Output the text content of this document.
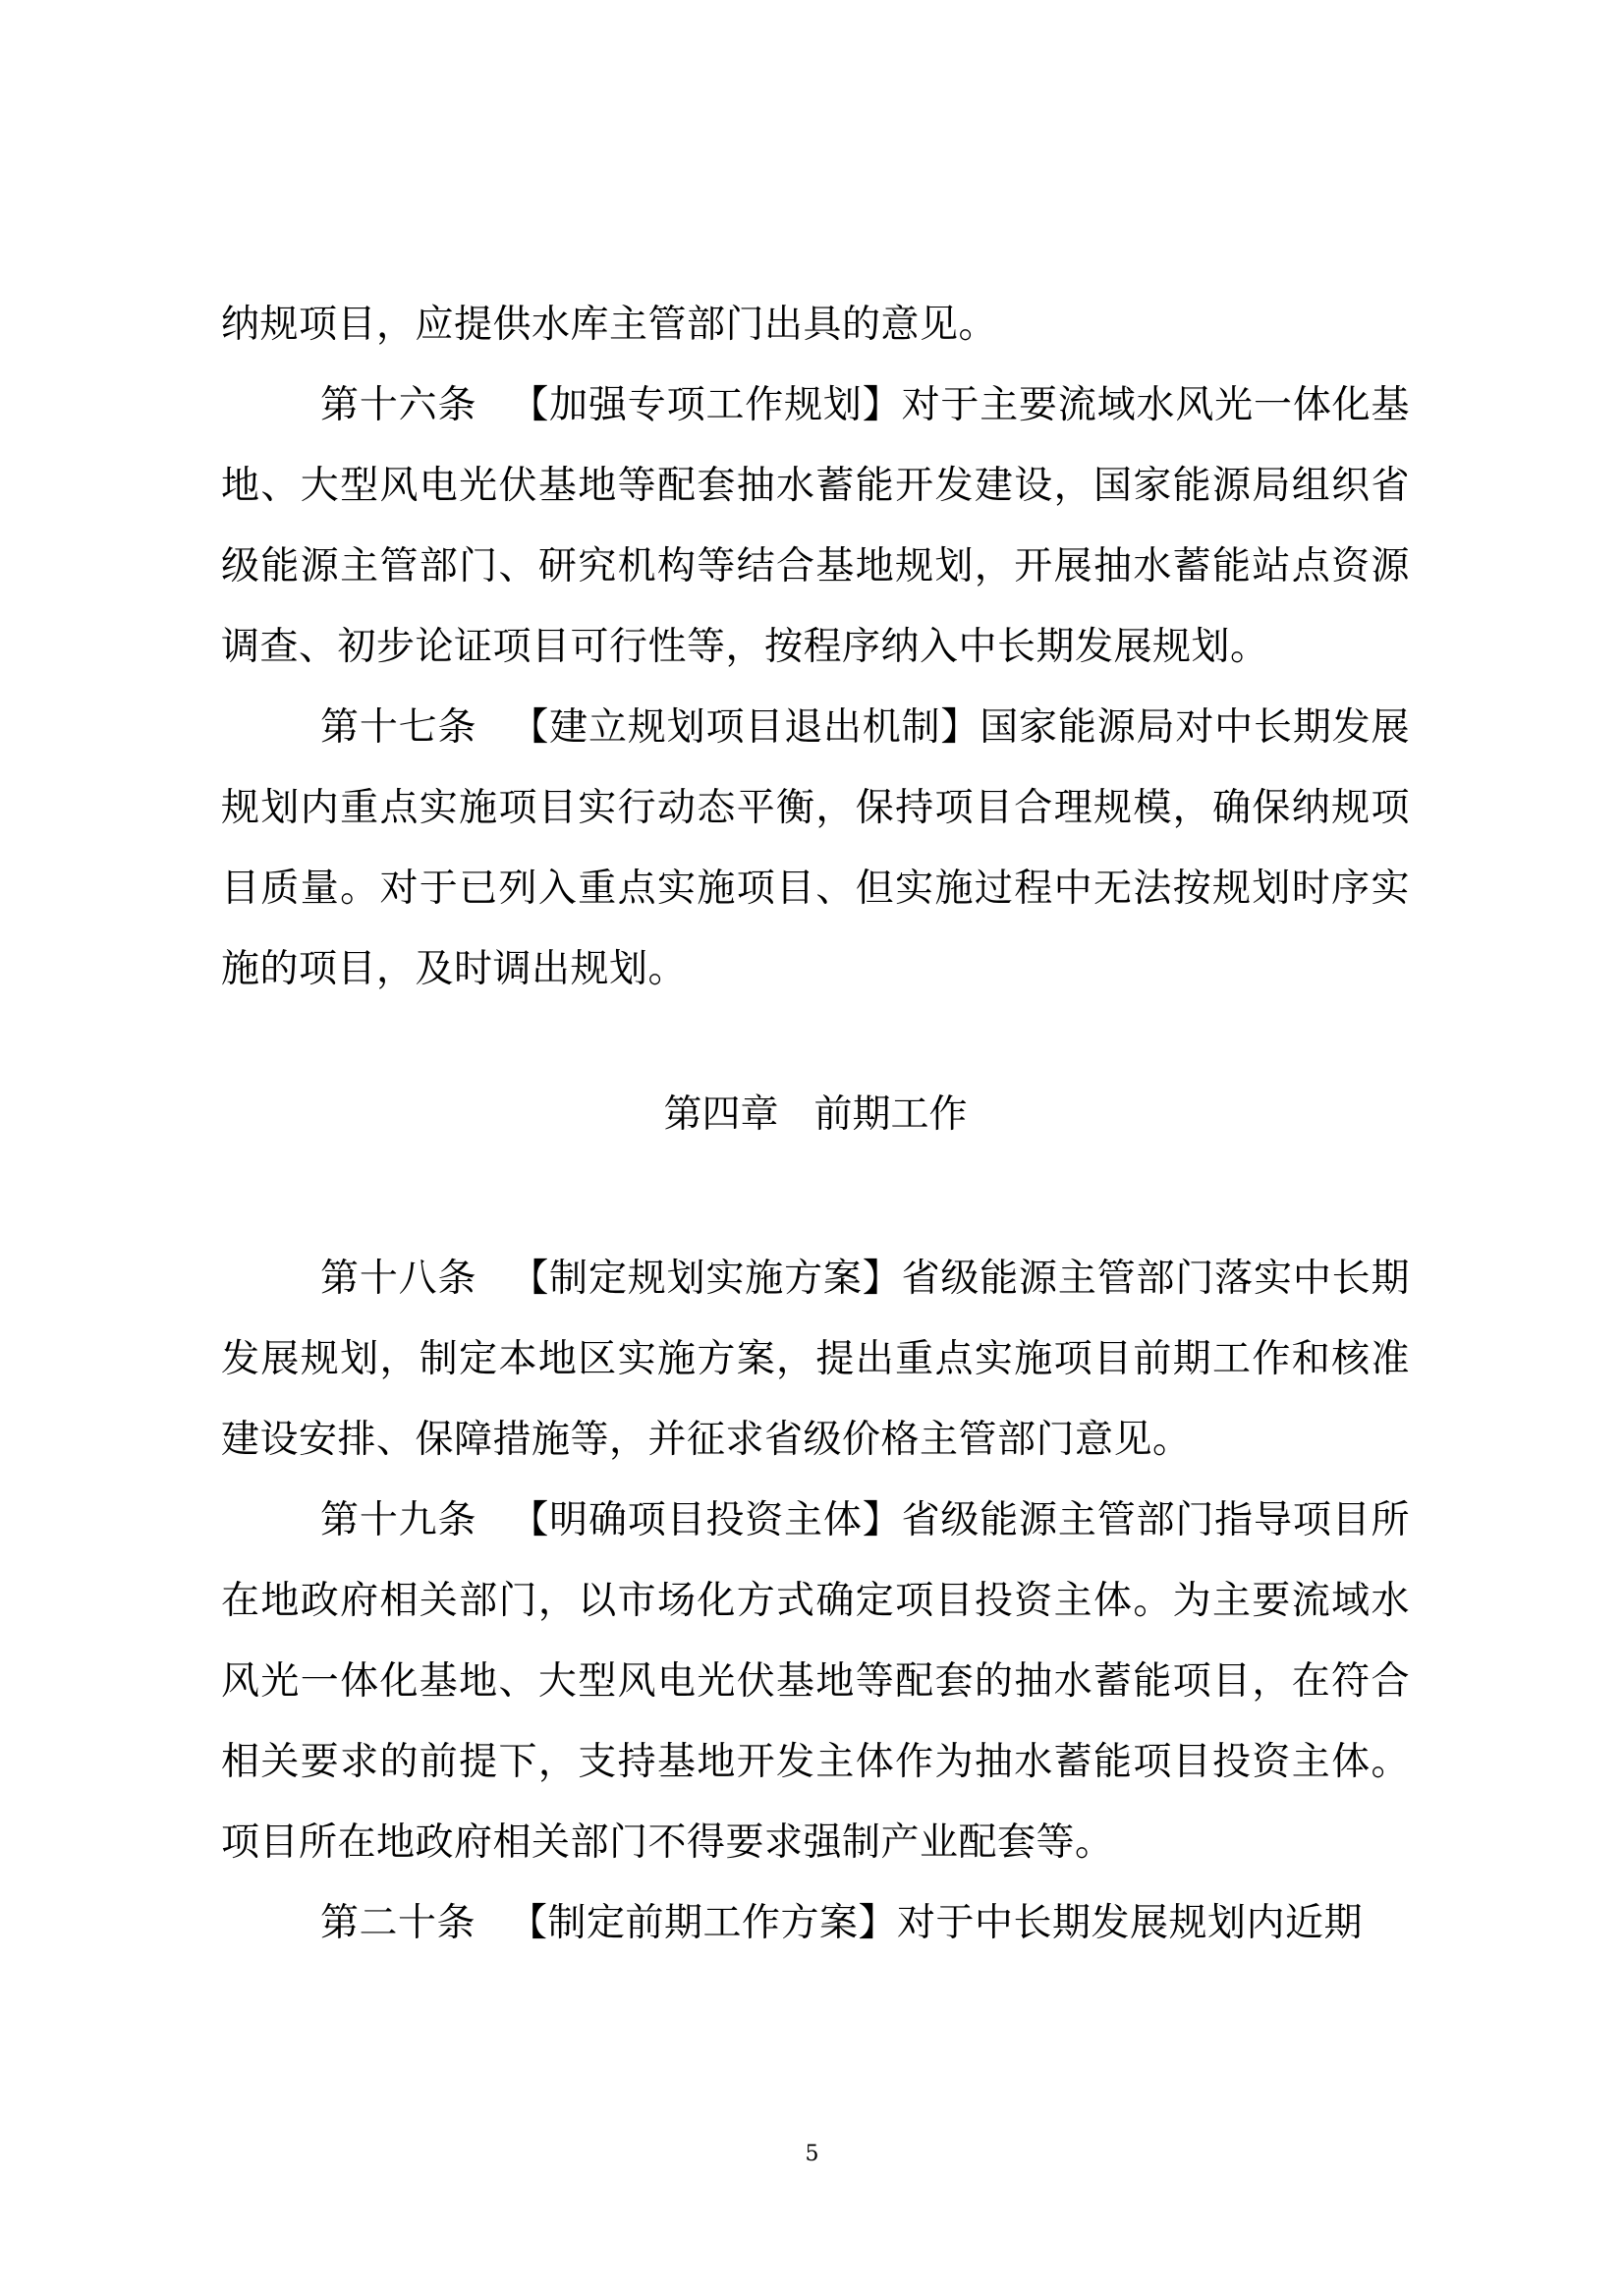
纳规项目，应提供水库主管部门出具的意见。

第十六条 【加强专项工作规划】对于主要流域水风光一体化基地、大型风电光伏基地等配套抽水蓄能开发建设，国家能源局组织省级能源主管部门、研究机构等结合基地规划，开展抽水蓄能站点资源调查、初步论证项目可行性等，按程序纳入中长期发展规划。

第十七条 【建立规划项目退出机制】国家能源局对中长期发展规划内重点实施项目实行动态平衡，保持项目合理规模，确保纳规项目质量。对于已列入重点实施项目、但实施过程中无法按规划时序实施的项目，及时调出规划。

第四章 前期工作

第十八条 【制定规划实施方案】省级能源主管部门落实中长期发展规划，制定本地区实施方案，提出重点实施项目前期工作和核准建设安排、保障措施等，并征求省级价格主管部门意见。

第十九条 【明确项目投资主体】省级能源主管部门指导项目所在地政府相关部门，以市场化方式确定项目投资主体。为主要流域水风光一体化基地、大型风电光伏基地等配套的抽水蓄能项目，在符合相关要求的前提下，支持基地开发主体作为抽水蓄能项目投资主体。项目所在地政府相关部门不得要求强制产业配套等。

第二十条 【制定前期工作方案】对于中长期发展规划内近期

5
